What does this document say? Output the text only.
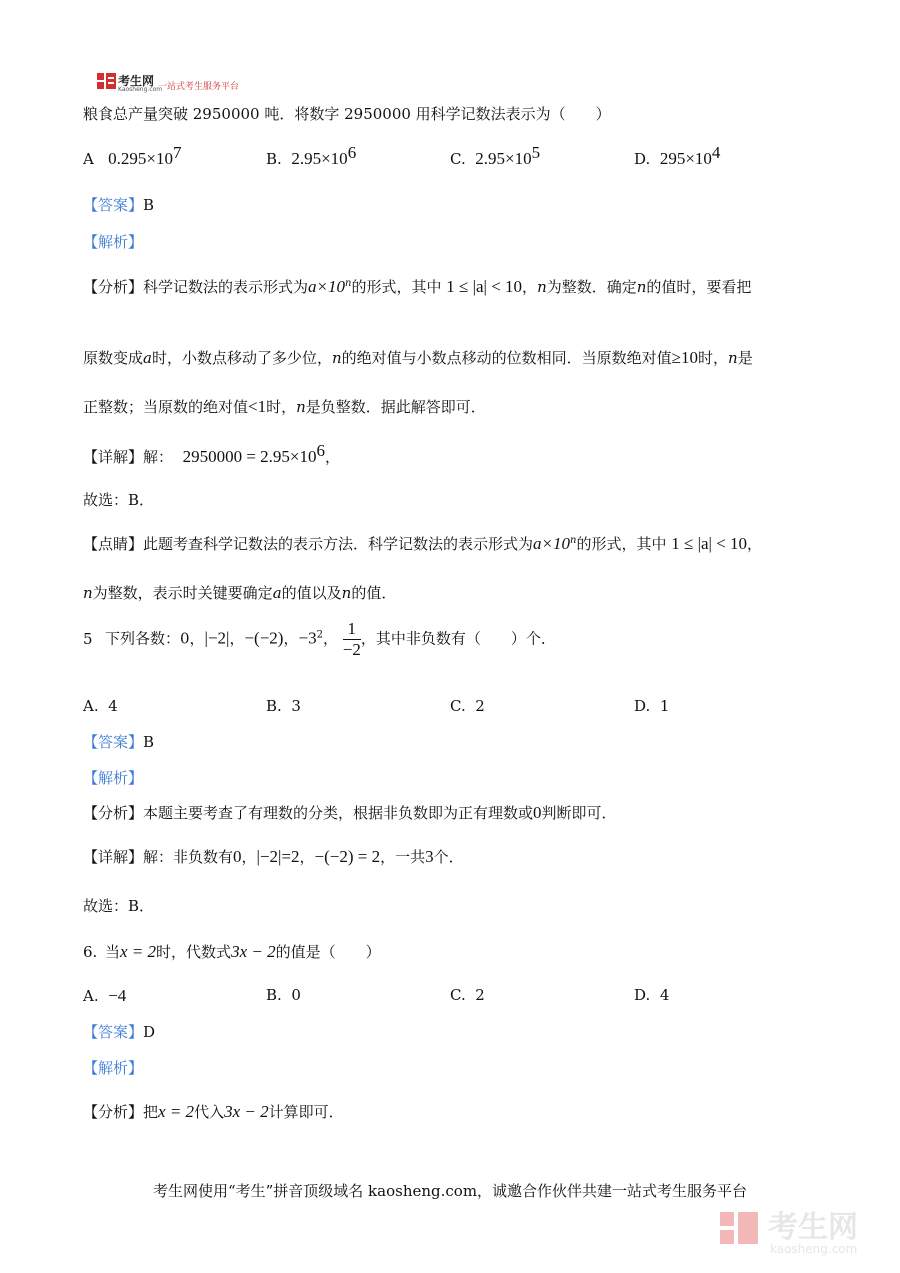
考生网
Kaosheng.com
一站式考生服务平台
粮食总产量突破 2950000 吨．将数字 2950000 用科学记数法表示为（　　）
A $0.295\times 10^7$	B. $2.95\times 10^6$	C. $2.95\times 10^5$	D. $295\times 10^4$
【答案】B
【解析】
【分析】科学记数法的表示形式为$a\times 10^n$的形式，其中 1 ≤ |a| < 10，n为整数．确定n的值时，要看把
原数变成a时，小数点移动了多少位，n的绝对值与小数点移动的位数相同．当原数绝对值≥10时，n是
正整数；当原数的绝对值<1时，n是负整数．据此解答即可．
【详解】解： $2950000 = 2.95\times 10^6$，
故选：B．
【点睛】此题考查科学记数法的表示方法．科学记数法的表示形式为$a\times 10^n$的形式，其中 1 ≤ |a| < 10，
n为整数，表示时关键要确定a的值以及n的值．
5 下列各数：0，|−2|，−(−2)，$-3^2$， $\frac{1}{-2}$ ，其中非负数有（　　）个．
A. 4	B. 3	C. 2	D. 1
【答案】B
【解析】
【分析】本题主要考查了有理数的分类，根据非负数即为正有理数或0判断即可．
【详解】解：非负数有0，|−2|=2，−(−2) = 2，一共3个．
故选：B．
6. 当x = 2时，代数式3x − 2的值是（　　）
A. −4	B. 0	C. 2	D. 4
【答案】D
【解析】
【分析】把x = 2代入3x − 2计算即可．
考生网使用“考生”拼音顶级域名 kaosheng.com，诚邀合作伙伴共建一站式考生服务平台
考生网
kaosheng.com
